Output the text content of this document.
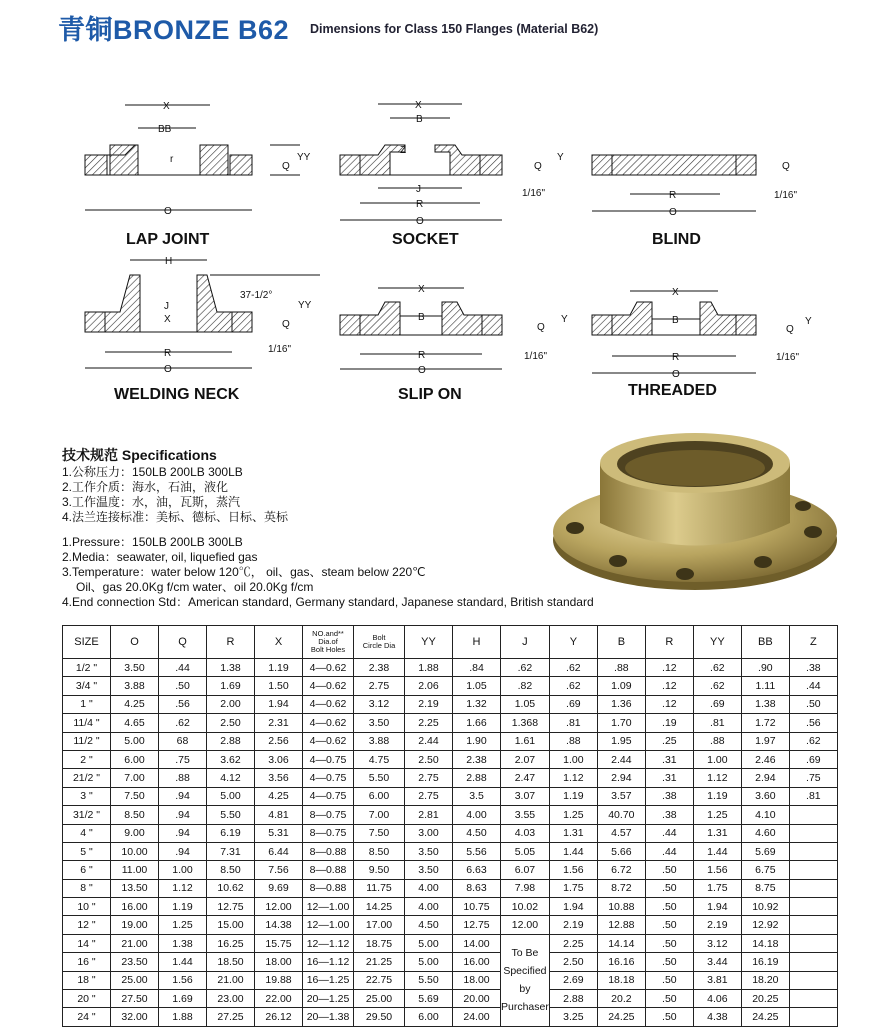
青铜BRONZE B62 Dimensions for Class 150 Flanges (Material B62)
X
BB
r
Q
YY
O
LAP JOINT
X
B
Z
Q
Y
J
R
O
1/16"
SOCKET
Q
R
O
1/16"
BLIND
H
J
X
37-1/2°
YY
Q
R
O
1/16"
WELDING NECK
X
B
Q
Y
R
O
1/16"
SLIP ON
X
B
Q
Y
R
O
1/16"
THREADED
技术规范 Specifications
1.公称压力：150LB 200LB 300LB
2.工作介质：海水，石油，液化
3.工作温度：水，油，瓦斯，蒸汽
4.法兰连接标准：美标、德标、日标、英标
1.Pressure：150LB 200LB 300LB
2.Media：seawater, oil, liquefied gas
3.Temperature：water below 120℃， oil、gas、steam below 220℃
Oil、gas 20.0Kg f/cm water、oil 20.0Kg f/cm
4.End connection Std：American standard, Germany standard, Japanese standard, British standard
SIZE	O	Q	R	X	NO.and**
Dia.of
Bolt Holes	Bolt
Circle Dia	YY	H	J	Y	B	R	YY	BB	Z
1/2 "	3.50	.44	1.38	1.19	4—0.62	2.38	1.88	.84	.62	.62	.88	.12	.62	.90	.38
3/4 "	3.88	.50	1.69	1.50	4—0.62	2.75	2.06	1.05	.82	.62	1.09	.12	.62	1.11	.44
1 "	4.25	.56	2.00	1.94	4—0.62	3.12	2.19	1.32	1.05	.69	1.36	.12	.69	1.38	.50
11/4 "	4.65	.62	2.50	2.31	4—0.62	3.50	2.25	1.66	1.368	.81	1.70	.19	.81	1.72	.56
11/2 "	5.00	68	2.88	2.56	4—0.62	3.88	2.44	1.90	1.61	.88	1.95	.25	.88	1.97	.62
2 "	6.00	.75	3.62	3.06	4—0.75	4.75	2.50	2.38	2.07	1.00	2.44	.31	1.00	2.46	.69
21/2 "	7.00	.88	4.12	3.56	4—0.75	5.50	2.75	2.88	2.47	1.12	2.94	.31	1.12	2.94	.75
3 "	7.50	.94	5.00	4.25	4—0.75	6.00	2.75	3.5	3.07	1.19	3.57	.38	1.19	3.60	.81
31/2 "	8.50	.94	5.50	4.81	8—0.75	7.00	2.81	4.00	3.55	1.25	40.70	.38	1.25	4.10	
4 "	9.00	.94	6.19	5.31	8—0.75	7.50	3.00	4.50	4.03	1.31	4.57	.44	1.31	4.60	
5 "	10.00	.94	7.31	6.44	8—0.88	8.50	3.50	5.56	5.05	1.44	5.66	.44	1.44	5.69	
6 "	11.00	1.00	8.50	7.56	8—0.88	9.50	3.50	6.63	6.07	1.56	6.72	.50	1.56	6.75	
8 "	13.50	1.12	10.62	9.69	8—0.88	11.75	4.00	8.63	7.98	1.75	8.72	.50	1.75	8.75	
10 "	16.00	1.19	12.75	12.00	12—1.00	14.25	4.00	10.75	10.02	1.94	10.88	.50	1.94	10.92	
12 "	19.00	1.25	15.00	14.38	12—1.00	17.00	4.50	12.75	12.00	2.19	12.88	.50	2.19	12.92	
14 "	21.00	1.38	16.25	15.75	12—1.12	18.75	5.00	14.00	To Be Specified by Purchaser	2.25	14.14	.50	3.12	14.18	
16 "	23.50	1.44	18.50	18.00	16—1.12	21.25	5.00	16.00		2.50	16.16	.50	3.44	16.19	
18 "	25.00	1.56	21.00	19.88	16—1.25	22.75	5.50	18.00		2.69	18.18	.50	3.81	18.20	
20 "	27.50	1.69	23.00	22.00	20—1.25	25.00	5.69	20.00		2.88	20.2	.50	4.06	20.25	
24 "	32.00	1.88	27.25	26.12	20—1.38	29.50	6.00	24.00		3.25	24.25	.50	4.38	24.25	
